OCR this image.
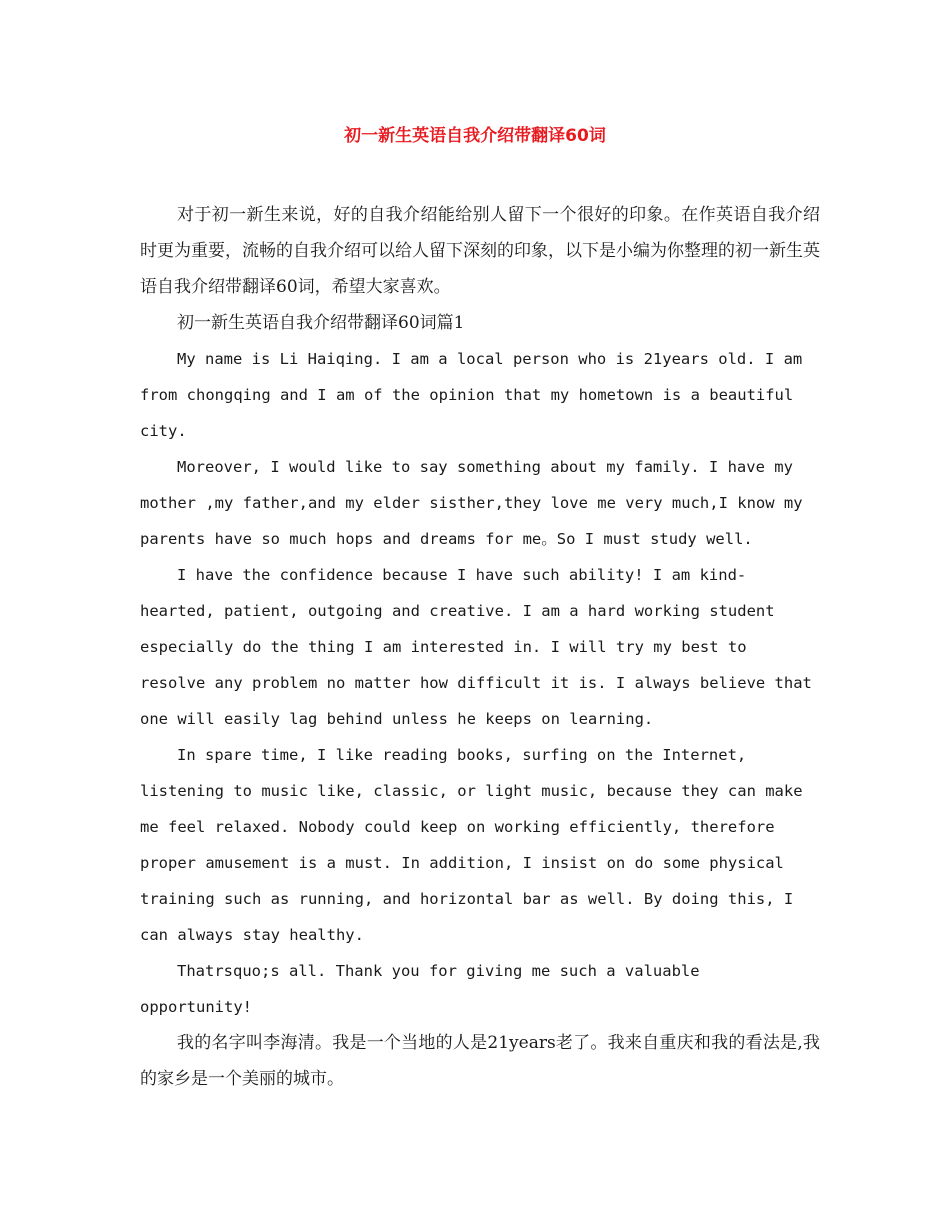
初一新生英语自我介绍带翻译60词

对于初一新生来说，好的自我介绍能给别人留下一个很好的印象。在作英语自我介绍时更为重要，流畅的自我介绍可以给人留下深刻的印象，以下是小编为你整理的初一新生英语自我介绍带翻译60词，希望大家喜欢。

初一新生英语自我介绍带翻译60词篇1

My name is Li Haiqing. I am a local person who is 21years old. I am from chongqing and I am of the opinion that my hometown is a beautiful city.

Moreover, I would like to say something about my family. I have my mother ,my father,and my elder sisther,they love me very much,I know my parents have so much hops and dreams for me。So I must study well.

I have the confidence because I have such ability! I am kind-hearted, patient, outgoing and creative. I am a hard working student especially do the thing I am interested in. I will try my best to resolve any problem no matter how difficult it is. I always believe that one will easily lag behind unless he keeps on learning.

In spare time, I like reading books, surfing on the Internet, listening to music like, classic, or light music, because they can make me feel relaxed. Nobody could keep on working efficiently, therefore proper amusement is a must. In addition, I insist on do some physical training such as running, and horizontal bar as well. By doing this, I can always stay healthy.

Thatrsquo;s all. Thank you for giving me such a valuable opportunity!

我的名字叫李海清。我是一个当地的人是21years老了。我来自重庆和我的看法是,我的家乡是一个美丽的城市。
